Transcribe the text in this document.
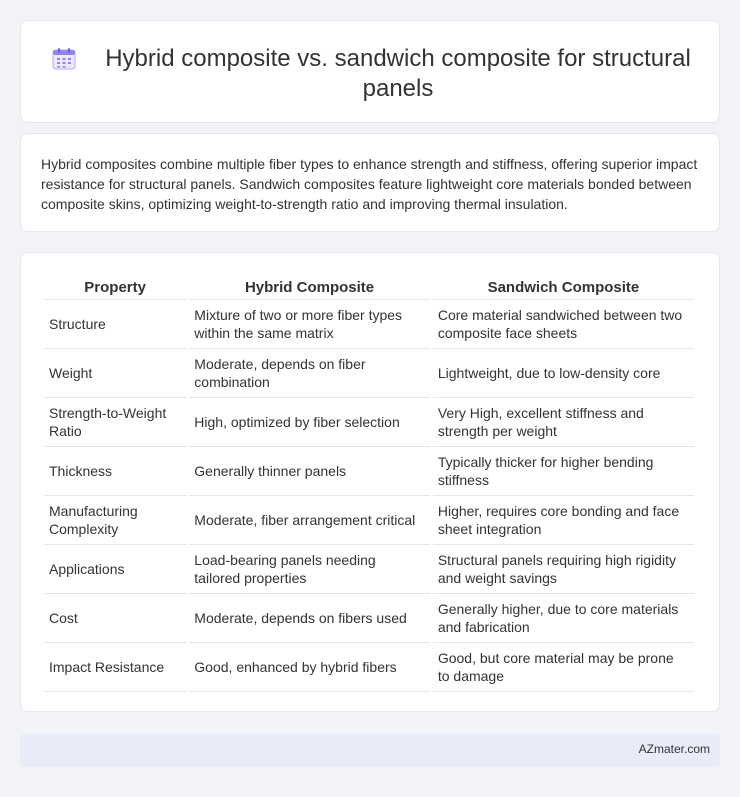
Hybrid composite vs. sandwich composite for structural panels

Hybrid composites combine multiple fiber types to enhance strength and stiffness, offering superior impact resistance for structural panels. Sandwich composites feature lightweight core materials bonded between composite skins, optimizing weight-to-strength ratio and improving thermal insulation.

Property	Hybrid Composite	Sandwich Composite
Structure	Mixture of two or more fiber types within the same matrix	Core material sandwiched between two composite face sheets
Weight	Moderate, depends on fiber combination	Lightweight, due to low-density core
Strength-to-Weight Ratio	High, optimized by fiber selection	Very High, excellent stiffness and strength per weight
Thickness	Generally thinner panels	Typically thicker for higher bending stiffness
Manufacturing Complexity	Moderate, fiber arrangement critical	Higher, requires core bonding and face sheet integration
Applications	Load-bearing panels needing tailored properties	Structural panels requiring high rigidity and weight savings
Cost	Moderate, depends on fibers used	Generally higher, due to core materials and fabrication
Impact Resistance	Good, enhanced by hybrid fibers	Good, but core material may be prone to damage
AZmater.com
